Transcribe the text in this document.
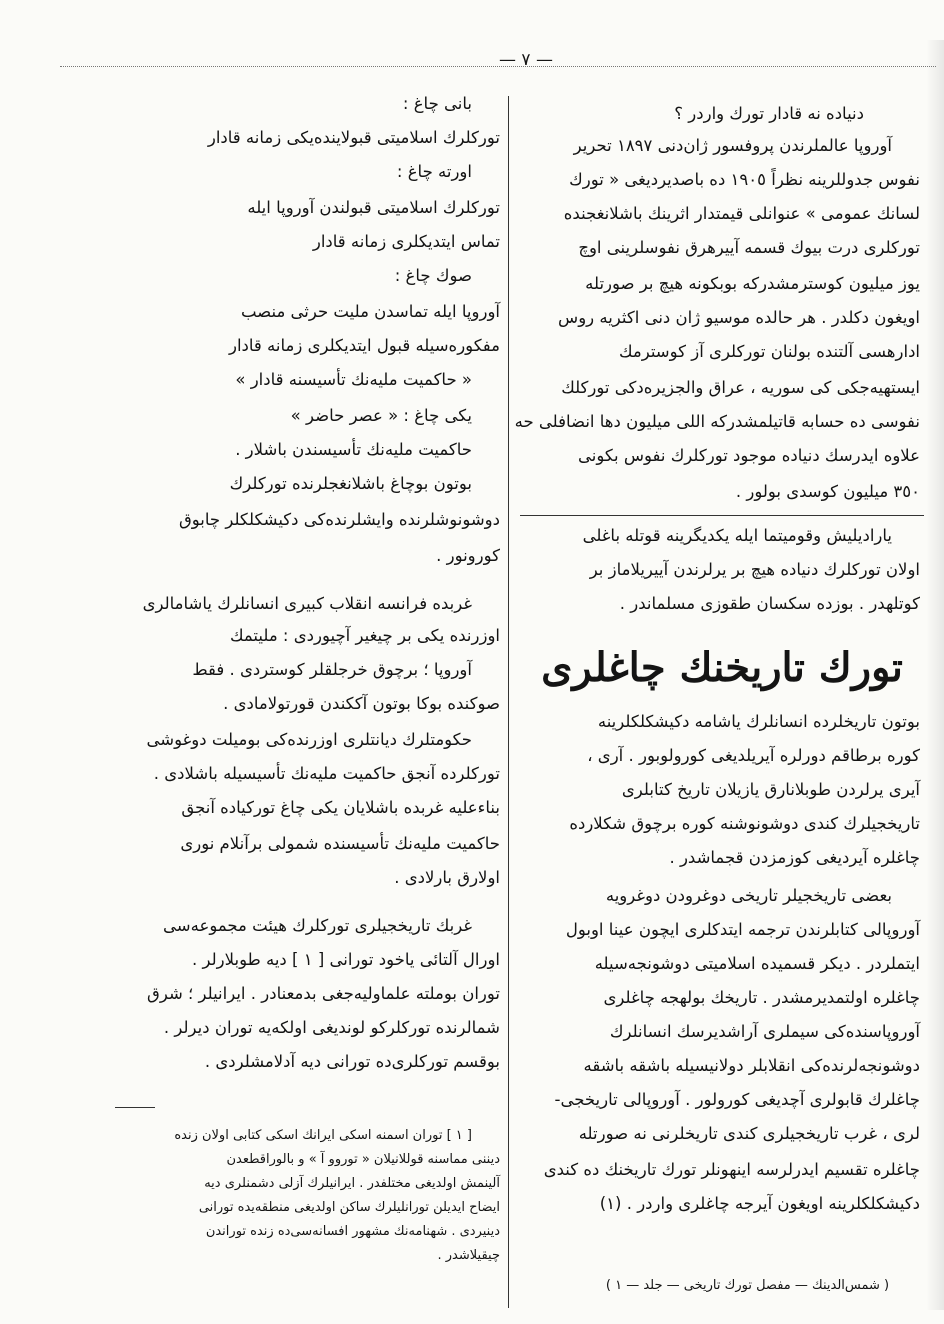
— ٧ —
بانی چاغ :
تورکلرك اسلامیتی قبولاینده‌یکی زمانه قادار
اورته چاغ :
تورکلرك اسلامیتی قبولندن آوروپا ایله
تماس ایتدیکلری زمانه قادار
صوك چاغ :
آوروپا ایله تماسدن ملیت حرثی منصب
مفکوره‌سیله قبول ایتدیکلری زمانه قادار
« حاکمیت ملیه‌نك تأسیسنه قادار »
یکی چاغ : « عصر حاضر »
حاکمیت ملیه‌نك تأسیسندن باشلار .
بوتون بوچاغ باشلانغجلرنده تورکلرك
دوشونوشلرنده وایشلرنده‌کی دکیشکلکلر چابوق
کورونور .
غربده فرانسه انقلاب کبیری انسانلرك یاشامالری
اوزرنده یکی بر چیغیر آچیوردی : ملیتمك
آوروپا ؛ برچوق خرجلقلر کوستردی . فقط
صوکنده بوکا بوتون آککندن قورتولامادی .
حکومتلرك دیانتلری اوزرنده‌کی بومیلت دوغوشی
تورکلرده آنجق حاکمیت ملیه‌نك تأسیسیله باشلادی .
بناءعلیه غربده باشلایان یکی چاغ تورکیاده آنجق
حاکمیت ملیه‌نك تأسیسنده شمولی برآنلام نوری
اولارق بارلادی .
غربك تاریخجیلری تورکلرك هیئت مجموعه‌سی
اورال آلتائی یاخود تورانی [ ١ ] دیه طوبلارلر .
توران بوملته علماوليه‌جغی بدمعنادر . ایرانیلر ؛ شرق
شمالرنده تورکلرکو لوندیغی اولکه‌یه توران دیرلر .
بوقسم تورکلری‌ده تورانی دیه آدلامشلردی .
[ ١ ] توران اسمنه اسکی ایرانك اسکی کتابی اولان زنده
دیننی مماسنه قوللانیلان « توروو آ » و بالوراقطعدن
آلینمش اولدیغی مختلفدر . ایرانیلرك آزلی دشمنلری دیه
ایضاح ایدیلن تورانلیلرك ساکن اولدیغی منطقه‌یده تورانی
دینیردی . شهنامه‌نك مشهور افسانه‌سی‌ده زنده توراندن
چیقیلاشدر .
دنیاده نه قادار تورك واردر ؟
آوروپا عالملرندن پروفسور ژان‌دنی ١٨٩٧ تحریر
نفوس جدوللرینه نظراً ١٩٠٥ ده باصدیردیغی « تورك
لسانك عمومی » عنوانلی قیمتدار اثرینك باشلانغجنده
تورکلری درت بیوك قسمه آییرهرق نفوسلرینی اوچ
یوز میلیون کوسترمشدرکه بوبکونه هیچ بر صورتله
اویغون دکلدر . هر حالده موسیو ژان دنی اکثریه روس
ادارهسی آلتنده بولنان تورکلری آز کوسترمك
ایستهیه‌جکی کی سوریه ، عراق والجزیره‌دکی تورکلك
نفوسی ده حسابه قاتیلمشدرکه اللی میلیون دها انضافلی حه
علاوه ایدرسك دنیاده موجود تورکلرك نفوس بکونی
٣٥٠ میلیون کوسدی بولور .
یارادیلیش وقومیتما ایله یکدیگرینه قوتله باغلی
اولان تورکلرك دنیاده هیچ بر یرلرندن آییریلاماز بر
کوتلهدر . بوزده سکسان طقوزی مسلماندر .
بوتون تاریخلرده انسانلرك یاشامه دکیشکلکلرینه
کوره برطاقم دورلره آیریلدیغی کورولوبور . آری ،
آیری یرلردن طوبلانارق یازیلان تاریخ کتابلری
تاریخجیلرك کندی دوشونوشنه کوره برچوق شکلارده
چاغلره آیردیغی کوزمزدن قجماشدر .
بعضی تاریخجیلر تاریخی دوغرودن دوغرویه
آوروپالی کتابلرندن ترجمه ایتدکلری ایچون عینا اوبول
ایتملردر . دیکر قسمیده اسلامیتی دوشونجه‌سیله
چاغلره اولتمدیرمشدر . تاریخك بولهجه چاغلری
آوروپاسنده‌کی سیملری آراشدیرسك انسانلرك
دوشونجه‌لرنده‌کی انقلابلر دولانیسیله باشقه باشقه
چاغلرك قابولری آچدیغی کورولور . آوروپالی تاریخجی-
لری ، غرب تاریخجیلری کندی تاریخلرنی نه صورتله
چاغلره تقسیم ایدرلرسه اینهونلر تورك تاریخنك ده کندی
دکیشکلکلرینه اویغون آیرجه چاغلری واردر . (١)
تورك تاریخنك چاغلری
( شمس‌الدینك — مفصل تورك تاریخی — جلد — ١ )
